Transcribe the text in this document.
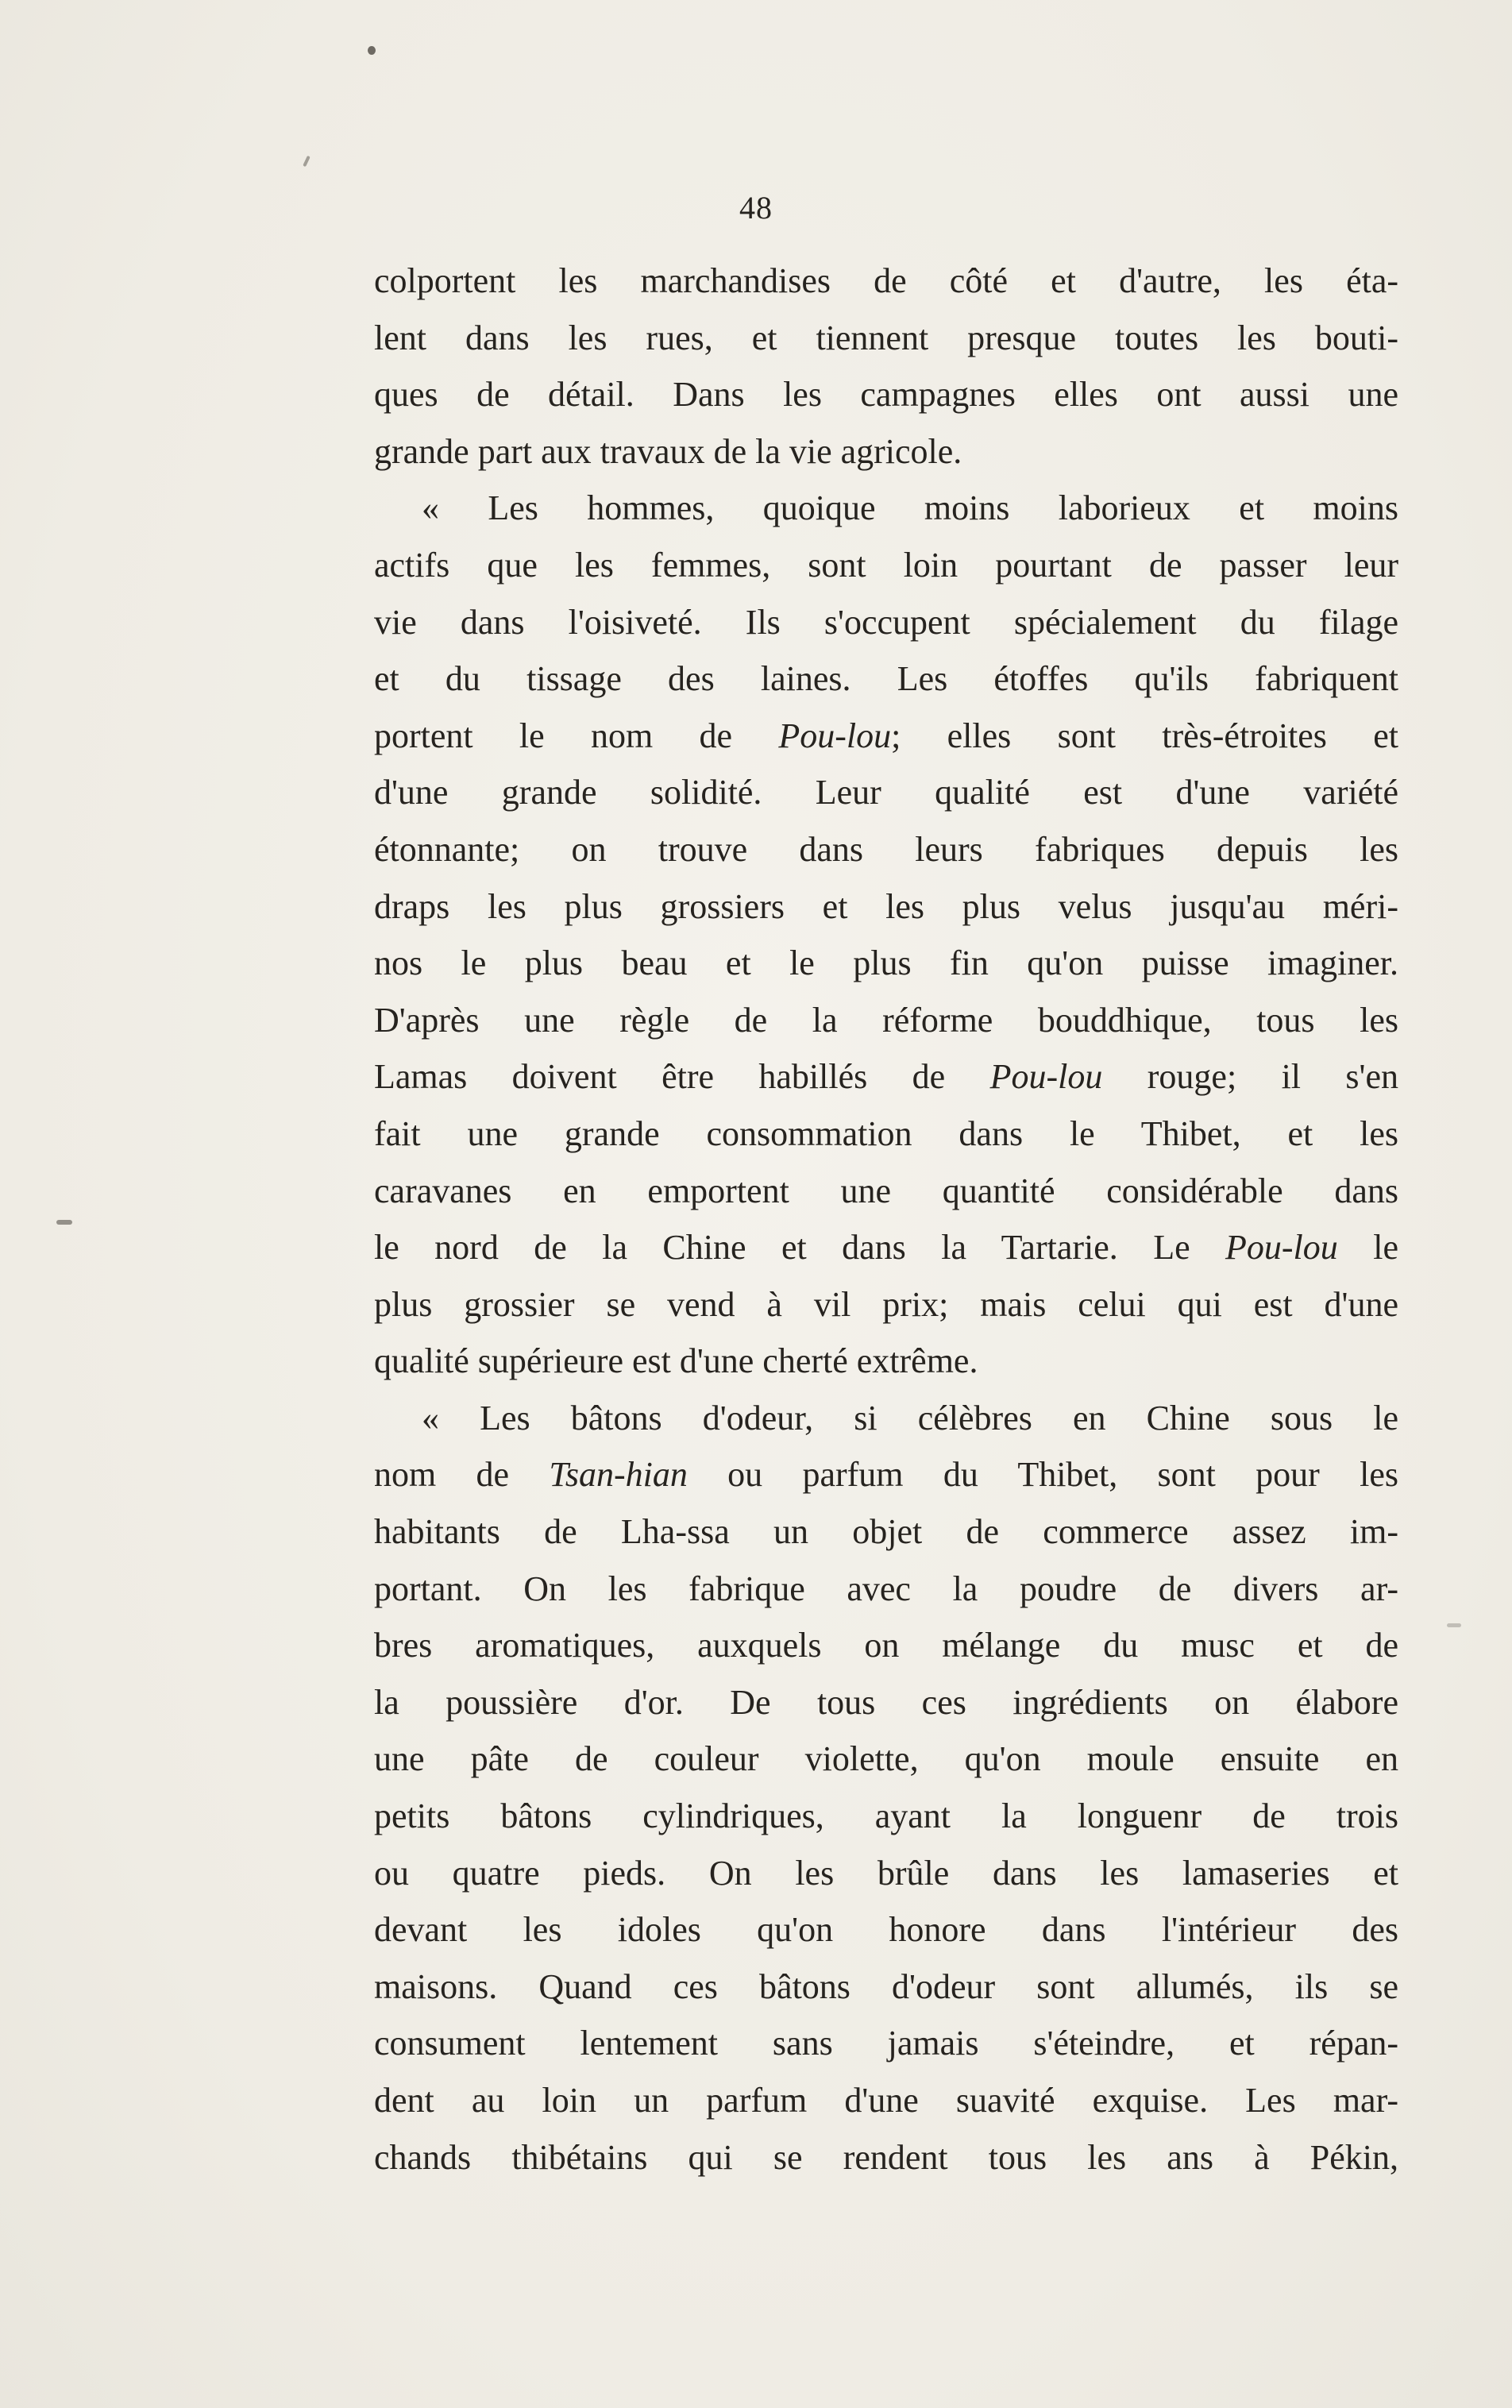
48
colportent les marchandises de côté et d'autre, les éta-
lent dans les rues, et tiennent presque toutes les bouti-
ques de détail. Dans les campagnes elles ont aussi une
grande part aux travaux de la vie agricole.
« Les hommes, quoique moins laborieux et moins
actifs que les femmes, sont loin pourtant de passer leur
vie dans l'oisiveté. Ils s'occupent spécialement du filage
et du tissage des laines. Les étoffes qu'ils fabriquent
portent le nom de Pou-lou; elles sont très-étroites et
d'une grande solidité. Leur qualité est d'une variété
étonnante; on trouve dans leurs fabriques depuis les
draps les plus grossiers et les plus velus jusqu'au méri-
nos le plus beau et le plus fin qu'on puisse imaginer.
D'après une règle de la réforme bouddhique, tous les
Lamas doivent être habillés de Pou-lou rouge; il s'en
fait une grande consommation dans le Thibet, et les
caravanes en emportent une quantité considérable dans
le nord de la Chine et dans la Tartarie. Le Pou-lou le
plus grossier se vend à vil prix; mais celui qui est d'une
qualité supérieure est d'une cherté extrême.
« Les bâtons d'odeur, si célèbres en Chine sous le
nom de Tsan-hian ou parfum du Thibet, sont pour les
habitants de Lha-ssa un objet de commerce assez im-
portant. On les fabrique avec la poudre de divers ar-
bres aromatiques, auxquels on mélange du musc et de
la poussière d'or. De tous ces ingrédients on élabore
une pâte de couleur violette, qu'on moule ensuite en
petits bâtons cylindriques, ayant la longuenr de trois
ou quatre pieds. On les brûle dans les lamaseries et
devant les idoles qu'on honore dans l'intérieur des
maisons. Quand ces bâtons d'odeur sont allumés, ils se
consument lentement sans jamais s'éteindre, et répan-
dent au loin un parfum d'une suavité exquise. Les mar-
chands thibétains qui se rendent tous les ans à Pékin,
